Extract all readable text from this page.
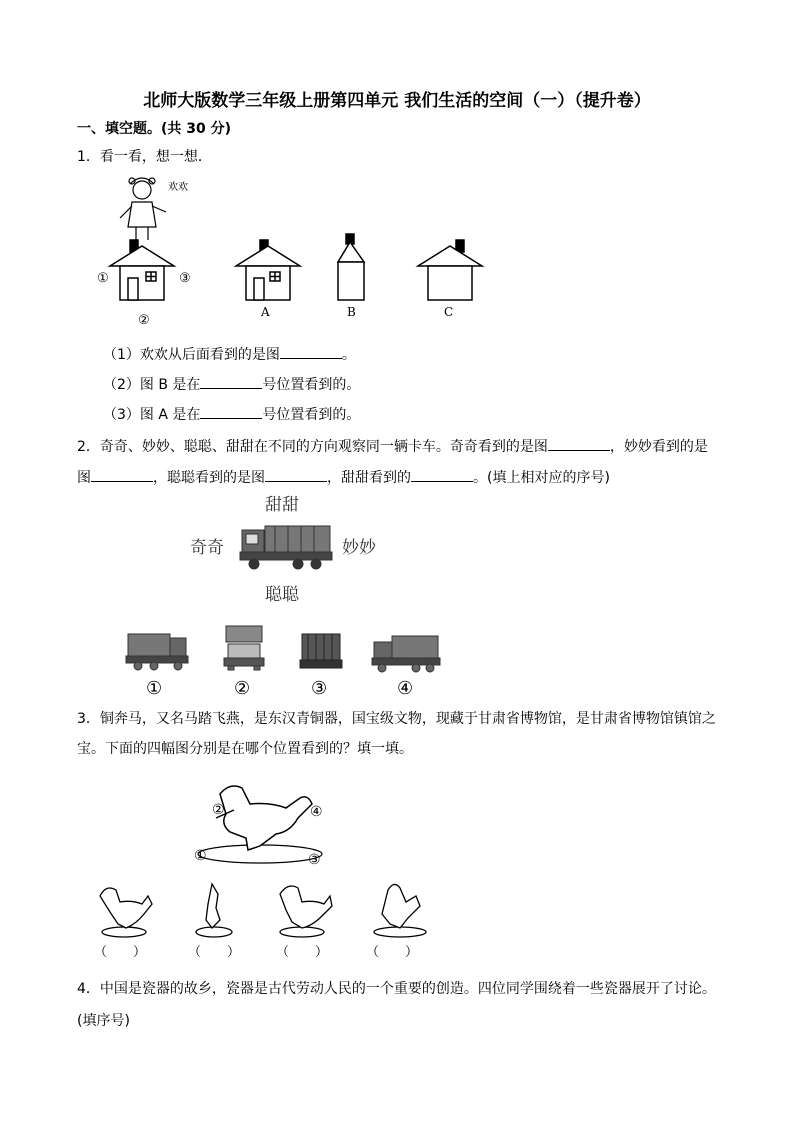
北师大版数学三年级上册第四单元 我们生活的空间（一）（提升卷）
一、填空题。(共 30 分)
1．看一看，想一想．
欢欢
①	③
②
A	B	C
（1）欢欢从后面看到的是图	。
（2）图 B 是在	号位置看到的。
（3）图 A 是在	号位置看到的。
2．奇奇、妙妙、聪聪、甜甜在不同的方向观察同一辆卡车。奇奇看到的是图	，妙妙看到的是
图	，聪聪看到的是图	，甜甜看到的	。(填上相对应的序号)
甜甜
奇奇	妙妙
聪聪
①	②	③	④
3．铜奔马，又名马踏飞燕，是东汉青铜器，国宝级文物，现藏于甘肃省博物馆，是甘肃省博物馆镇馆之
宝。下面的四幅图分别是在哪个位置看到的？填一填。
②	④
①	③
（　　）	（　　）	（　　）	（　　）
4．中国是瓷器的故乡，瓷器是古代劳动人民的一个重要的创造。四位同学围绕着一些瓷器展开了讨论。
(填序号)
